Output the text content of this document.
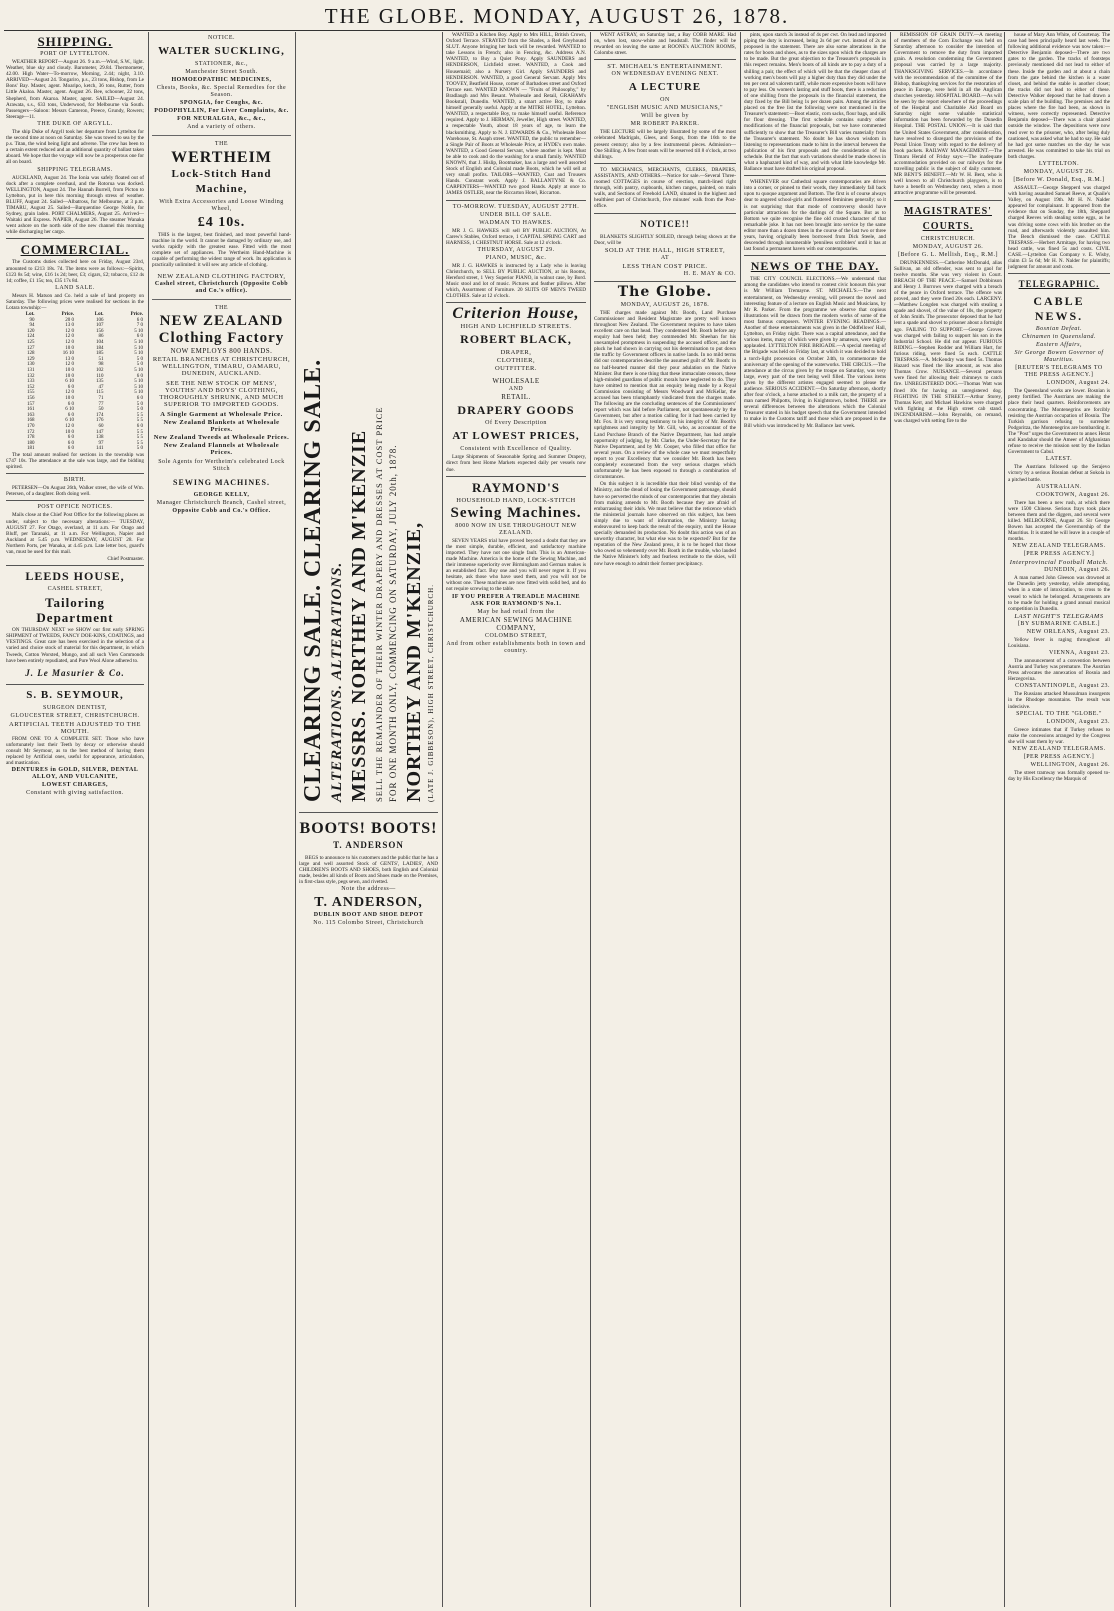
THE GLOBE. MONDAY, AUGUST 26, 1878.
SHIPPING.
PORT OF LYTTELTON.

WEATHER REPORT—August 26. 9 a.m.—Wind, S.W., light. Weather, blue sky and cloudy. Barometer, 29.84. Thermometer, 42.00. High Water—To-morrow, Morning, 2.44; night, 3.10. ARRIVED—August 24. Tongariro, p.s., 23 tons, Bishop, from Le Bons' Bay. Master, agent. Moaripo, ketch, 36 tons, Rutter, from Little Akaloa. Master, agent. August 26. Bee, schooner, 22 tons, Shepherd, from Akaroa. Master, agent. SAILED—August 24. Arawata, s.s., 633 tons, Underwood, for Melbourne via South. Passengers—Saloon: Messrs Cameron, Preece, Grundy, Rowers; Steerage—11.

THE DUKE OF ARGYLL.

The ship Duke of Argyll took her departure from Lyttelton for the second time at noon on Saturday. She was towed to sea by the p.s. Titan, the wind being light and adverse. The crew has been to a certain extent reduced and an additional quantity of ballast taken aboard. We hope that the voyage will now be a prosperous one for all on board.

SHIPPING TELEGRAMS.

AUCKLAND, August 24. The Ionia was safely floated out of dock after a complete overhaul, and the Rotorua was docked. WELLINGTON, August 24. The Hannah Burrell, from Picton to Lyttelton, put in here this morning through stress of weather. BLUFF, August 24. Sailed—Albatross, for Melbourne, at 3 p.m. TIMARU, August 25. Sailed—Barquentine George Noble, for Sydney, grain laden. PORT CHALMERS, August 25. Arrived—Waitaki and Express. NAPIER, August 26. The steamer Wanaka went ashore on the north side of the new channel this morning while discharging her cargo.

COMMERCIAL.

The Customs duties collected here on Friday, August 23rd, amounted to £213 18s. 7d. The items were as follows:—Spirits, £123 8s 5d; wine, £16 1s 2d; beer, £3; cigars, £2; tobacco, £12 4s 1d; coffee, £1 15s; tea, £35 17s 8d.

LAND SALE.

Messrs H. Matson and Co. held a sale of land property on Saturday. The following prices were realised for sections in the Lotara township:—

Lot.	Price.	Lot.	Price.
90	20 0	106	6 0
94	13 0	107	7 0
120	12 0	156	5 10
124	12 0	86	6 0
125	12 0	104	5 10
127	10 0	184	5 10
128	16 10	185	5 10
129	13 0	51	5 0
130	12 0	98	5 0
131	10 0	102	5 10
132	10 0	110	6 0
133	6 10	135	5 10
152	6 0	47	5 10
155	12 0	115	5 10
156	10 0	71	6 0
157	6 0	77	5 0
161	6 10	50	5 0
163	6 0	174	5 5
168	6 10	176	5 5
170	12 0	60	6 0
172	10 0	147	5 5
178	6 0	138	5 5
180	6 0	97	5 5
181	6 0	141	5 0

The total amount realised for sections in the township was £747 10s. The attendance at the sale was large, and the bidding spirited.

BIRTH.

PETERSEN—On August 26th, Walker street, the wife of Wm. Petersen, of a daughter. Both doing well.

POST OFFICE NOTICES.

Mails close at the Chief Post Office for the following places as under, subject to the necessary alterations:— TUESDAY, AUGUST 27. For Otago, overland, at 11 a.m. For Otago and Bluff, per Taranaki, at 11 a.m. For Wellington, Napier and Auckland at 5.45 p.m. WEDNESDAY, AUGUST 28. For Northern Ports, per Wanaka, at 4.45 p.m. Late letter box, guard's van, must be used for this mail.

Chief Postmaster.
LEEDS HOUSE,
CASHEL STREET,
Tailoring Department

ON THURSDAY NEXT we SHOW our first early SPRING SHIPMENT of TWEEDS, FANCY DOE-KINS, COATINGS, and VESTINGS. Great care has been exercised in the selection of a varied and choice stock of material for this department, in which Tweeds, Cotton Worsted, Mungo, and all such Vien Commonds have been entirely repudiated, and Pure Wool Alone adhered to.

J. Le Masurier & Co.
S. B. SEYMOUR,
SURGEON DENTIST,
GLOUCESTER STREET, CHRISTCHURCH.
ARTIFICIAL TEETH ADJUSTED TO THE MOUTH.

FROM ONE TO A COMPLETE SET. Those who have unfortunately lost their Teeth by decay or otherwise should consult Mr Seymour, as to the best method of having them replaced by Artificial ones, useful for appearance, articulation, and mastication.

DENTURES in GOLD, SILVER, DENTAL ALLOY, AND VULCANITE,
LOWEST CHARGES,
Constant with giving satisfaction.
NOTICE.
WALTER SUCKLING,
STATIONER, &c.,
Manchester Street South.
HOMOEOPATHIC MEDICINES,
Chests, Books, &c. Special Remedies for the Season.
SPONGIA, for Coughs, &c.
PODOPHYLLIN, For Liver Complaints, &c.
FOR NEURALGIA, &c., &c.,
And a variety of others.
THE
WERTHEIM
Lock-Stitch Hand Machine,
With Extra Accessories and Loose Winding Wheel,
£4 10s.

THIS is the largest, best finished, and most powerful hand-machine in the world. It cannot be damaged by ordinary use, and works rapidly with the greatest ease. Fitted with the most complete set of appliances. The Wertheim Hand-Machine is capable of performing the widest range of work. Its application is practically unlimited: it will sew any article of clothing.

NEW ZEALAND CLOTHING FACTORY,
Cashel street, Christchurch (Opposite Cobb and Co.'s office).
THE
NEW ZEALAND
Clothing Factory
NOW EMPLOYS 800 HANDS.
RETAIL BRANCHES AT CHRISTCHURCH, WELLINGTON, TIMARU, OAMARU, DUNEDIN, AUCKLAND.
SEE THE NEW STOCK OF MENS', YOUTHS' AND BOYS' CLOTHING, THOROUGHLY SHRUNK, AND MUCH SUPERIOR TO IMPORTED GOODS.
A Single Garment at Wholesale Price.
New Zealand Blankets at Wholesale Prices.
New Zealand Tweeds at Wholesale Prices.
New Zealand Flannels at Wholesale Prices.
Sole Agents for Wertheim's celebrated Lock Stitch
SEWING MACHINES.
GEORGE KELLY,
Manager Christchurch Branch, Cashel street,
Opposite Cobb and Co.'s Office.	CLEARING SALE. CLEARING SALE. ALTERATIONS. ALTERATIONS. MESSRS. NORTHEY AND M'KENZIE SELL THE REMAINDER OF THEIR WINTER DRAPERY AND DRESSES AT COST PRICE FOR ONE MONTH ONLY, COMMENCING ON SATURDAY, JULY 20th, 1878. NORTHEY AND M'KENZIE, (LATE J. GIBBESON), HIGH STREET, CHRISTCHURCH.
BOOTS! BOOTS!
T. ANDERSON

BEGS to announce to his customers and the public that he has a large and well assorted Stock of GENTS', LADIES', AND CHILDREN'S BOOTS AND SHOES, both English and Colonial made, besides all kinds of Boots and Shoes made on the Premises, in first-class style, pegs sewn, and rivetted.

Note the address—
T. ANDERSON,
DUBLIN BOOT AND SHOE DEPOT
No. 115 Colombo Street, Christchurch

WANTED a Kitchen Boy. Apply to Mrs HILL, British Crown, Oxford Terrace. STRAYED from the Shades, a Red Greyhound SLUT. Anyone bringing her back will be rewarded. WANTED to take Lessons in French; also in Fencing, &c. Address A.N. WANTED, to Buy a Quiet Pony. Apply SAUNDERS and HENDERSON, Lichfield street. WANTED, a Cook and Housemaid; also a Nursery Girl. Apply SAUNDERS and HENDERSON. WANTED, a good General Servant. Apply Mrs TOOVEY, Beatfield House, corner of Barbadoes street and Oxford Terrace east. WANTED KNOWN — "Fruits of Philosophy," by Bradlaugh and Mrs Besant. Wholesale and Retail, GRAHAM's Bookstall, Dunedin. WANTED, a smart active Boy, to make himself generally useful. Apply at the MITRE HOTEL, Lyttelton. WANTED, a respectable Boy, to make himself useful. Reference required. Apply to J. HERMAN, Jeweller, High street. WANTED, a respectable Youth, about 18 years of age, to learn the blacksmithing. Apply to N. J. EDWARDS & Co., Wholesale Boot Warehouse, St. Asaph street. WANTED, the public to remember—a Single Pair of Boots at Wholesale Price, at HYDE's own make. WANTED, a Good General Servant, where another is kept. Must be able to cook and do the washing for a small family. WANTED KNOWN, that J. Hislip, Bootmaker, has a large and well assorted Stock of English and Colonial made Boots, which he will sell at very small profits. TAILORS—WANTED, Coat and Trousers Hands. Constant work. Apply J. BALLANTYNE & Co. CARPENTERS—WANTED two good Hands. Apply at once to JAMES OSTLER, near the Riccarton Hotel, Riccarton.

TO-MORROW. TUESDAY, AUGUST 27TH.
UNDER BILL OF SALE.
WADMAN TO HAWKES.

MR J. G. HAWKES will sell BY PUBLIC AUCTION, At Carew's Stables, Oxford terrace, 1 CAPITAL SPRING CART and HARNESS, 1 CHESTNUT HORSE. Sale at 12 o'clock.

THURSDAY, AUGUST 29.
PIANO, MUSIC, &c.

MR J. G. HAWKES is instructed by a Lady who is leaving Christchurch, to SELL BY PUBLIC AUCTION, at his Rooms, Hereford street, 1 Very Superior PIANO, in walnut case, by Bord. Music stool and lot of music. Pictures and feather pillows. After which, Assortment of Furniture. 20 SUITS OF MEN'S TWEED CLOTHES. Sale at 12 o'clock.

Criterion House,
HIGH AND LICHFIELD STREETS.
ROBERT BLACK,
DRAPER,
CLOTHIER,
OUTFITTER.
WHOLESALE
AND
RETAIL.
DRAPERY GOODS
Of Every Description
AT LOWEST PRICES,
Consistent with Excellence of Quality.

Large Shipments of Seasonable Spring and Summer Drapery, direct from best Home Markets expected daily per vessels now due.

RAYMOND'S
HOUSEHOLD HAND, LOCK-STITCH
Sewing Machines.
8000 NOW IN USE THROUGHOUT NEW ZEALAND.

SEVEN YEARS trial have proved beyond a doubt that they are the most simple, durable, efficient, and satisfactory machine imported. They have not one single fault. This is an American-made Machine. America is the home of the Sewing Machine, and their immense superiority over Birmingham and German makes is an established fact. Buy one and you will never regret it. If you hesitate, ask those who have used them, and you will not be without one. These machines are now fitted with solid bed, and do not require screwing to the table.

IF YOU PREFER A TREADLE MACHINE ASK FOR RAYMOND'S No.1.
May be had retail from the
AMERICAN SEWING MACHINE
COMPANY,
COLOMBO STREET,
And from other establishments both in town and country.

WENT ASTRAY, on Saturday last, a Bay COBB MARE. Had on, when lost, snow-white and headstall. The finder will be rewarded on leaving the same at ROONE's AUCTION ROOMS, Colombo street.

ST. MICHAEL'S ENTERTAINMENT.
ON WEDNESDAY EVENING NEXT.
A LECTURE
ON
"ENGLISH MUSIC AND MUSICIANS,"
Will be given by
MR ROBERT PARKER.

THE LECTURE will be largely illustrated by some of the most celebrated Madrigals, Glees, and Songs, from the 16th to the present century; also by a few instrumental pieces. Admission—One Shilling. A few front seats will be reserved till 8 o'clock, at two shillings.

TO MECHANICS, MERCHANTS, CLERKS, DRAPERS, ASSISTANTS, AND OTHERS.—Notice for sale.—Several Three-roomed COTTAGES in course of erection, match-lined right through, with pantry, cupboards, kitchen ranges, painted, on main walls, and Sections of Freehold LAND, situated in the highest and healthiest part of Christchurch, five minutes' walk from the Post-office.

NOTICE!!

BLANKETS SLIGHTLY SOILED, through being shown at the Door, will be

SOLD AT THE HALL, HIGH STREET,
AT
LESS THAN COST PRICE.
H. E. MAY & CO.
The Globe.
MONDAY, AUGUST 26, 1878.

THE charges made against Mr. Booth, Land Purchase Commissioner and Resident Magistrate are pretty well known throughout New Zealand. The Government requires to have taken excellent care on that head. They condemned Mr. Booth before any enquiry had been held; they commended Mr. Sheehan for his unexampled promptness in suspending the accused officer, and the pluck he had shown in carrying out his determination to put down the traffic by Government officers in native lands. In no mild terms did our contemporaries describe the assumed guilt of Mr. Booth: in no half-hearted manner did they pour adulation on the Native Minister. But there is one thing that these immaculate censors, these high-minded guardians of public morals have neglected to do. They have omitted to mention that an enquiry being made by a Royal Commission consisting of Messrs Woodward and McKellar, the accused has been triumphantly vindicated from the charges made. The following are the concluding sentences of the Commissioners' report which was laid before Parliament, not spontaneously by the Government, but after a motion calling for it had been carried by Mr. Fox. It is very strong testimony to his integrity of Mr. Booth's uprightness and integrity by Mr. Gill, who, as accountant of the Land Purchase Branch of the Native Department, has had ample opportunity of judging, by Mr. Clarke, the Under-Secretary for the Native Department, and by Mr. Cooper, who filled that office for several years. On a review of the whole case we must respectfully report to your Excellency that we consider Mr. Booth has been completely exonerated from the very serious charges which unfortunately he has been exposed to through a combination of circumstances.

On this subject it is incredible that their blind worship of the Ministry, and the dread of losing the Government patronage, should have so perverted the minds of our contemporaries that they abstain from making amends to Mr. Booth because they are afraid of embarrassing their idols. We must believe that the reticence which the ministerial journals have observed on this subject, has been simply due to want of information, the Ministry having endeavoured to keep back the result of the enquiry, until the House specially demanded its production. No doubt this action was of an unworthy character, but what else was to be expected? But for the reputation of the New Zealand press, it is to be hoped that those who owed so vehemently over Mr. Booth in the trouble, who lauded the Native Minister's lofty and fearless rectitude to the skies, will now have enough to admit their former precipitancy.

pints, upon starch 3s instead of 4s per cwt. On lead and imported piping the duty is increased, being 2s 6d per cwt. instead of 2s as proposed in the statement. There are also some alterations in the rates for boots and shoes, as to the sizes upon which the charges are to be made. But the great objection to the Treasurer's proposals in this respect remains. Men's boots of all kinds are to pay a duty of a shilling a pair, the effect of which will be that the cheaper class of working men's boots will pay a higher duty than they did under the ten per cent ad valorem tariff, while more expensive boots will have to pay less. On women's lasting and stuff boots, there is a reduction of one shilling from the proposals in the financial statement, the duty fixed by the Bill being 1s per dozen pairs. Among the articles placed on the free list the following were not mentioned in the Treasurer's statement:—Boot elastic, corn sacks, flour bags, and silk for flour dressing. The first schedule contains sundry other modifications of the financial proposals, but we have commented sufficiently to show that the Treasurer's Bill varies materially from the Treasurer's statement. No doubt he has shown wisdom in listening to representations made to him in the interval between the publication of his first proposals and the consideration of his schedule. But the fact that such variations should be made shows in what a haphazard kind of way, and with what little knowledge Mr. Ballance must have drafted his original proposal.

WHENEVER our Cathedral square contemporaries are driven into a corner, or pinned to their words, they immediately fall back upon tu quoque argument and Bottom. The first is of course always dear to angered school-girls and flustered feminines generally; so it is not surprising that that mode of controversy should have particular attractions for the darlings of the Square. But as to Bottom we quite recognise the fine old crusted character of that remarkable joke. It has not been brought into service by the same editor more than a dozen times in the course of the last two or three years, having originally been borrowed from Dick Steele, and descended through innumerable 'penniless scribblers' until it has at last found a permanent haven with our contemporaries.

NEWS OF THE DAY.

THE CITY COUNCIL ELECTIONS.—We understand that among the candidates who intend to contest civic honours this year is Mr William Tremayne. ST. MICHAEL'S.—The next entertainment, on Wednesday evening, will present the novel and interesting feature of a lecture on English Music and Musicians, by Mr R. Parker. From the programme we observe that copious illustrations will be drawn from the modern works of some of the most famous composers. WINTER EVENING READINGS.—Another of these entertainments was given in the Oddfellows' Hall, Lyttelton, on Friday night. There was a capital attendance, and the various items, many of which were given by amateurs, were highly applauded. LYTTELTON FIRE BRIGADE.—A special meeting of the Brigade was held on Friday last, at which it was decided to hold a torch-light procession on October 24th, to commemorate the anniversary of the opening of the waterworks. THE CIRCUS.—The attendance at the circus given by the troupe on Saturday, was very large, every part of the tent being well filled. The various items given by the different artistes engaged seemed to please the audience. SERIOUS ACCIDENT.—On Saturday afternoon, shortly after four o'clock, a horse attached to a milk cart, the property of a man named Philpotts, living in Knightstown, bolted. THERE are several differences between the alterations which the Colonial Treasurer stated in his budget speech that the Government intended to make in the Customs tariff and those which are proposed in the Bill which was introduced by Mr. Ballance last week.

REMISSION OF GRAIN DUTY.—A meeting of members of the Corn Exchange was held on Saturday afternoon to consider the intention of Government to remove the duty from imported grain. A resolution condemning the Government proposal was carried by a large majority. THANKSGIVING SERVICES.—In accordance with the recommendation of the committee of the Bishop, thanksgiving services for the restoration of peace in Europe, were held in all the Anglican churches yesterday. HOSPITAL BOARD.—As will be seen by the report elsewhere of the proceedings of the Hospital and Charitable Aid Board on Saturday night some valuable statistical information has been forwarded by the Dunedin Hospital. THE POSTAL UNION.—It is said that the United States Government, after consideration, have resolved to disregard the provisions of the Postal Union Treaty with regard to the delivery of book packets. RAILWAY MANAGEMENT.—The Timaru Herald of Friday says:—The inadequate accommodation provided on our railways for the travelling public is the subject of daily comment. MR BENT'S BENEFIT.—Mr W. H. Bent, who is well known to all Christchurch playgoers, is to have a benefit on Wednesday next, when a most attractive programme will be presented.

MAGISTRATES' COURTS.
CHRISTCHURCH.
MONDAY, AUGUST 26.
[Before G. L. Mellish, Esq., R.M.]

DRUNKENNESS.—Catherine McDonald, alias Sullivan, an old offender, was sent to gaol for twelve months. She was very violent in Court. BREACH OF THE PEACE.—Samuel Dobbinson and Henry J. Burrows were charged with a breach of the peace in Oxford terrace. The offence was proved, and they were fined 20s each. LARCENY.—Matthew Longden was charged with stealing a spade and shovel, of the value of 10s, the property of John Smith. The prosecutor deposed that he had lent a spade and shovel to prisoner about a fortnight ago. FAILING TO SUPPORT.—George Groves was charged with failing to support his son in the Industrial School. He did not appear. FURIOUS RIDING.—Stephen Rodder and William Hart, for furious riding, were fined 5s each. CATTLE TRESPASS.—A. McKendry was fined 5s. Thomas Hazard was fined the like amount, as was also Thomas Crow. NUISANCE.—Several persons were fined for allowing their chimneys to catch fire. UNREGISTERED DOG.—Thomas Watt was fined 10s for having an unregistered dog. FIGHTING IN THE STREET.—Arthur Storey, Thomas Kerr, and Michael Hawkins were charged with fighting at the High street cab stand. INCENDIARISM.—John Reynolds, on remand, was charged with setting fire to the

house of Mary Ann White, of Courtenay. The case had been principally heard last week. The following additional evidence was now taken:—Detective Benjamin deposed—There are two gates to the garden. The tracks of footsteps previously mentioned did not lead to either of these. Inside the garden and at about a chain from the gate behind the kitchen is a water closet, and behind the stable is another closet; the tracks did not lead to either of these. Detective Walker deposed that he had drawn a scale plan of the building. The premises and the places where the fire had been, as shown in witness, were correctly represented. Detective Benjamin deposed—There was a chair placed outside the window. The depositions were now read over to the prisoner, who, after being duly cautioned, was asked what he had to say. He said he had got some matches on the day he was arrested. He was committed to take his trial on both charges.

LYTTELTON.
MONDAY, AUGUST 26.
[Before W. Donald, Esq., R.M.]

ASSAULT.—George Shepperd was charged with having assaulted Samuel Reeve, at Quaile's Valley, on August 19th. Mr H. N. Nalder appeared for complainant. It appeared from the evidence that on Sunday, the 18th, Sheppard charged Reeves with stealing some eggs, as he was driving some cows with his brother on the road, and afterwards violently assaulted him. The Bench dismissed the case. CATTLE TRESPASS.—Herbert Armitage, for having two head cattle, was fined 5s and costs. CIVIL CASE.—Lyttelton Gas Company v. E. Wisby, claim £3 5s 6d; Mr H. N. Nalder for plaintiffs; judgment for amount and costs.

TELEGRAPHIC.
CABLE NEWS.
Bosnian Defeat.
Chinamen in Queensland.
Eastern Affairs,
Sir George Bowen Governor of Mauritius.
[REUTER'S TELEGRAMS TO THE PRESS AGENCY.]
LONDON, August 24.

The Queensland works are lower. Bosnian is pretty fortified. The Austrians are making the place their head quarters. Reinforcements are concentrating. The Montenegrins are forcibly resisting the Austrian occupation of Bosnia. The Turkish garrison refusing to surrender Podgoritza, the Montenegrins are bombarding it. The "Post" urges the Government to annex Herat and Kandahar should the Ameer of Afghanistan refuse to receive the mission sent by the Indian Government to Cabul.

LATEST.

The Austrians followed up the Serajevo victory by a serious Bosnian defeat at Sokola in a pitched battle.

AUSTRALIAN.
COOKTOWN, August 26.

There has been a new rush, at which there were 1500 Chinese. Serious frays took place between them and the diggers, and several were killed. MELBOURNE, August 26. Sir George Bowen has accepted the Governorship of the Mauritius. It is stated he will leave in a couple of months.

NEW ZEALAND TELEGRAMS.
[PER PRESS AGENCY.]
Interprovincial Football Match.
DUNEDIN, August 26.

A man named John Gleeson was drowned at the Dunedin jetty yesterday, while attempting, when in a state of intoxication, to cross to the vessel to which he belonged. Arrangements are to be made for holding a grand annual musical competition in Dunedin.

LAST NIGHT'S TELEGRAMS
[BY SUBMARINE CABLE.]
NEW ORLEANS, August 23.

Yellow fever is raging throughout all Louisiana.

VIENNA, August 23.

The announcement of a convention between Austria and Turkey was premature. The Austrian Press advocates the annexation of Bosnia and Herzegovina.

CONSTANTINOPLE, August 23.

The Russians attacked Mussulman insurgents in the Rhodope mountains. The result was indecisive.

SPECIAL TO THE "GLOBE."
LONDON, August 23.

Greece intimates that if Turkey refuses to make the concessions arranged by the Congress she will want them by war.

NEW ZEALAND TELEGRAMS.
[PER PRESS AGENCY.]
WELLINGTON, August 26.

The street tramway was formally opened to-day by His Excellency the Marquis of
